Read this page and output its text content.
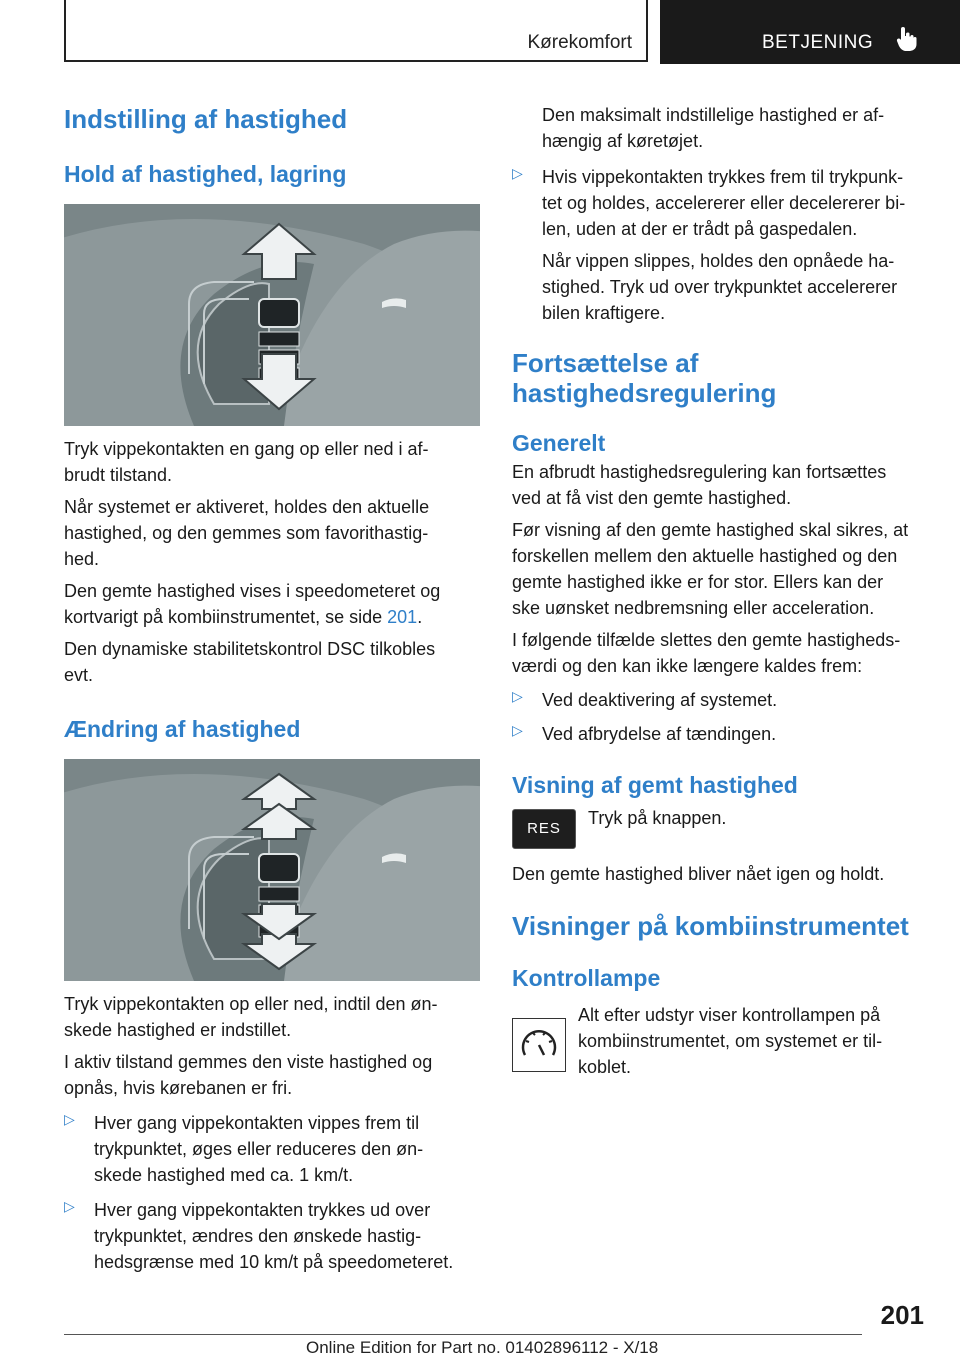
Kørekomfort	BETJENING
Indstilling af hastighed
Hold af hastighed, lagring

Tryk vippekontakten en gang op eller ned i af-
brudt tilstand.

Når systemet er aktiveret, holdes den aktuelle
hastighed, og den gemmes som favorithastig-
hed.

Den gemte hastighed vises i speedometeret og
kortvarigt på kombiinstrumentet, se side 201.

Den dynamiske stabilitetskontrol DSC tilkobles
evt.

Ændring af hastighed

Tryk vippekontakten op eller ned, indtil den øn-
skede hastighed er indstillet.

I aktiv tilstand gemmes den viste hastighed og
opnås, hvis kørebanen er fri.

▷ Hver gang vippekontakten vippes frem til
trykpunktet, øges eller reduceres den øn-
skede hastighed med ca. 1 km/t.

▷ Hver gang vippekontakten trykkes ud over
trykpunktet, ændres den ønskede hastig-
hedsgrænse med 10 km/t på speedometeret.

Den maksimalt indstillelige hastighed er af-
hængig af køretøjet.

▷ Hvis vippekontakten trykkes frem til trykpunk-
tet og holdes, accelererer eller decelererer bi-
len, uden at der er trådt på gaspedalen.

Når vippen slippes, holdes den opnåede ha-
stighed. Tryk ud over trykpunktet accelererer
bilen kraftigere.

Fortsættelse af
hastighedsregulering
Generelt

En afbrudt hastighedsregulering kan fortsættes
ved at få vist den gemte hastighed.

Før visning af den gemte hastighed skal sikres, at
forskellen mellem den aktuelle hastighed og den
gemte hastighed ikke er for stor. Ellers kan der
ske uønsket nedbremsning eller acceleration.

I følgende tilfælde slettes den gemte hastigheds-
værdi og den kan ikke længere kaldes frem:

▷ Ved deaktivering af systemet.

▷ Ved afbrydelse af tændingen.

Visning af gemt hastighed
RES

Tryk på knappen.

Den gemte hastighed bliver nået igen og holdt.

Visninger på kombiinstrumentet
Kontrollampe

Alt efter udstyr viser kontrollampen på
kombiinstrumentet, om systemet er til-
koblet.

201
Online Edition for Part no. 01402896112 - X/18
